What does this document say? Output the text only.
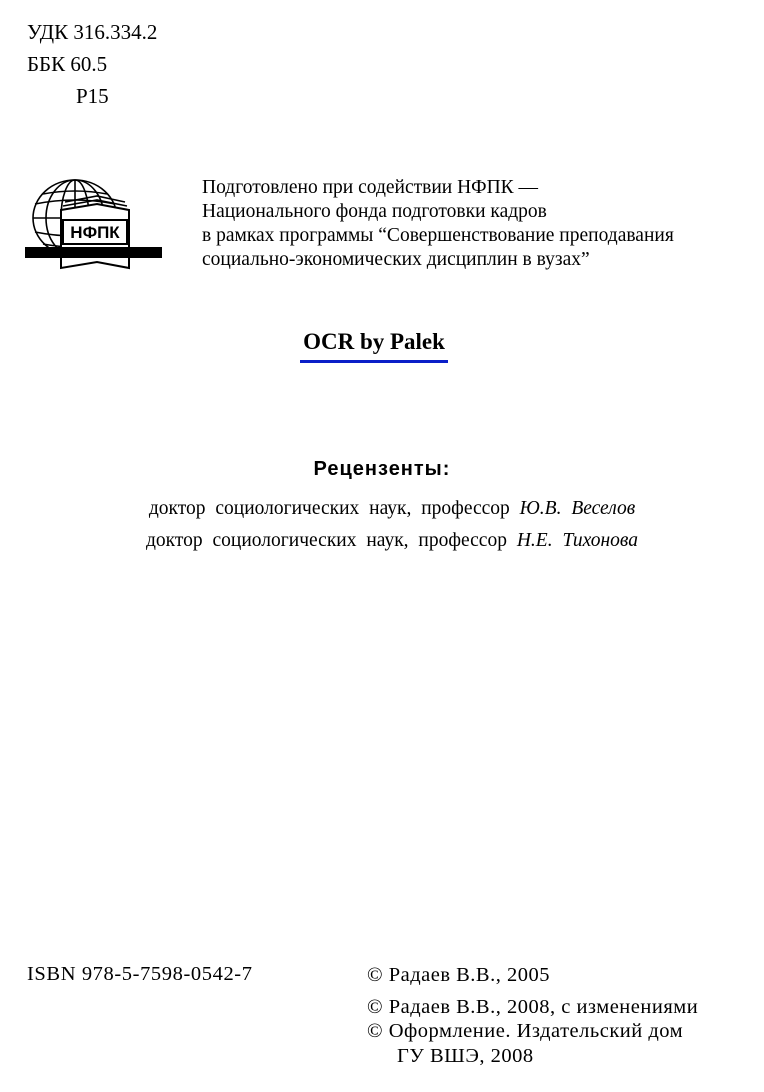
УДК 316.334.2
ББК 60.5
Р15
НФПК
Подготовлено при содействии НФПК —
Национального фонда подготовки кадров
в рамках программы “Совершенствование преподавания
социально-экономических дисциплин в вузах”
OCR by Palek
Рецензенты:
доктор социологических наук, профессор Ю.В. Веселов
доктор социологических наук, профессор Н.Е. Тихонова
ISBN 978-5-7598-0542-7	© Радаев В.В., 2005
© Радаев В.В., 2008, с изменениями
© Оформление. Издательский дом
ГУ ВШЭ, 2008
